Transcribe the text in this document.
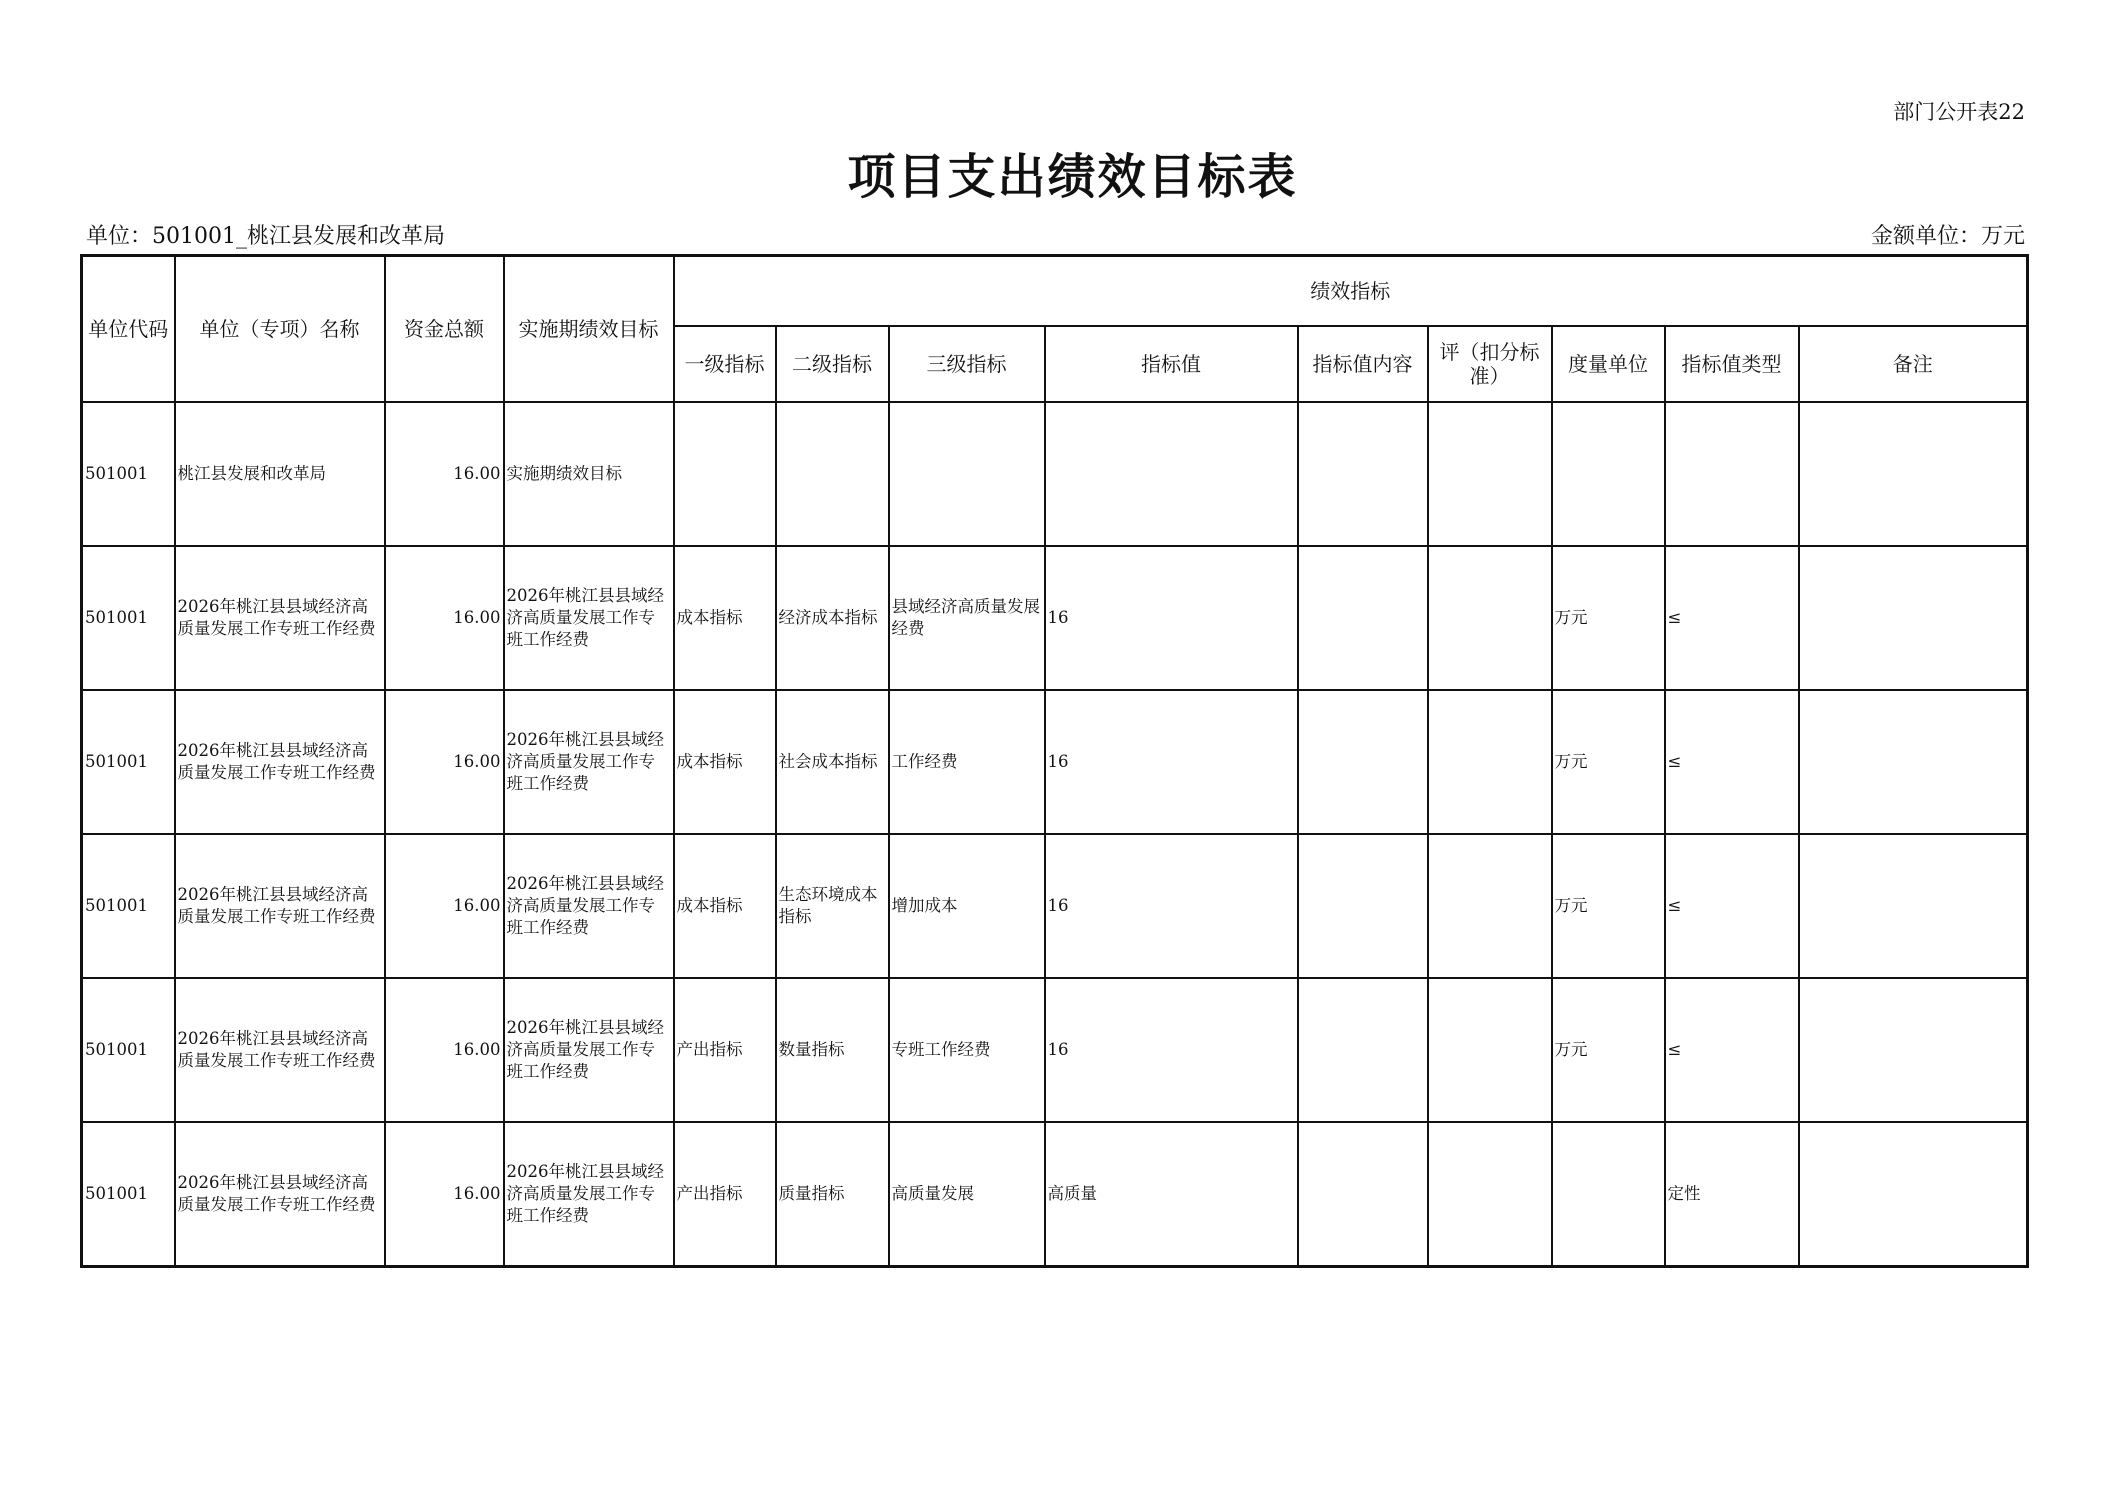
部门公开表22
项目支出绩效目标表
单位：501001_桃江县发展和改革局	金额单位：万元
单位代码	单位（专项）名称	资金总额	实施期绩效目标	绩效指标								
				一级指标	二级指标	三级指标	指标值	指标值内容	评（扣分标准）	度量单位	指标值类型	备注
501001	桃江县发展和改革局	16.00	实施期绩效目标									
501001	2026年桃江县县域经济高质量发展工作专班工作经费	16.00	2026年桃江县县域经济高质量发展工作专班工作经费	成本指标	经济成本指标	县域经济高质量发展经费	16			万元	≤	
501001	2026年桃江县县域经济高质量发展工作专班工作经费	16.00	2026年桃江县县域经济高质量发展工作专班工作经费	成本指标	社会成本指标	工作经费	16			万元	≤	
501001	2026年桃江县县域经济高质量发展工作专班工作经费	16.00	2026年桃江县县域经济高质量发展工作专班工作经费	成本指标	生态环境成本指标	增加成本	16			万元	≤	
501001	2026年桃江县县域经济高质量发展工作专班工作经费	16.00	2026年桃江县县域经济高质量发展工作专班工作经费	产出指标	数量指标	专班工作经费	16			万元	≤	
501001	2026年桃江县县域经济高质量发展工作专班工作经费	16.00	2026年桃江县县域经济高质量发展工作专班工作经费	产出指标	质量指标	高质量发展	高质量				定性	
